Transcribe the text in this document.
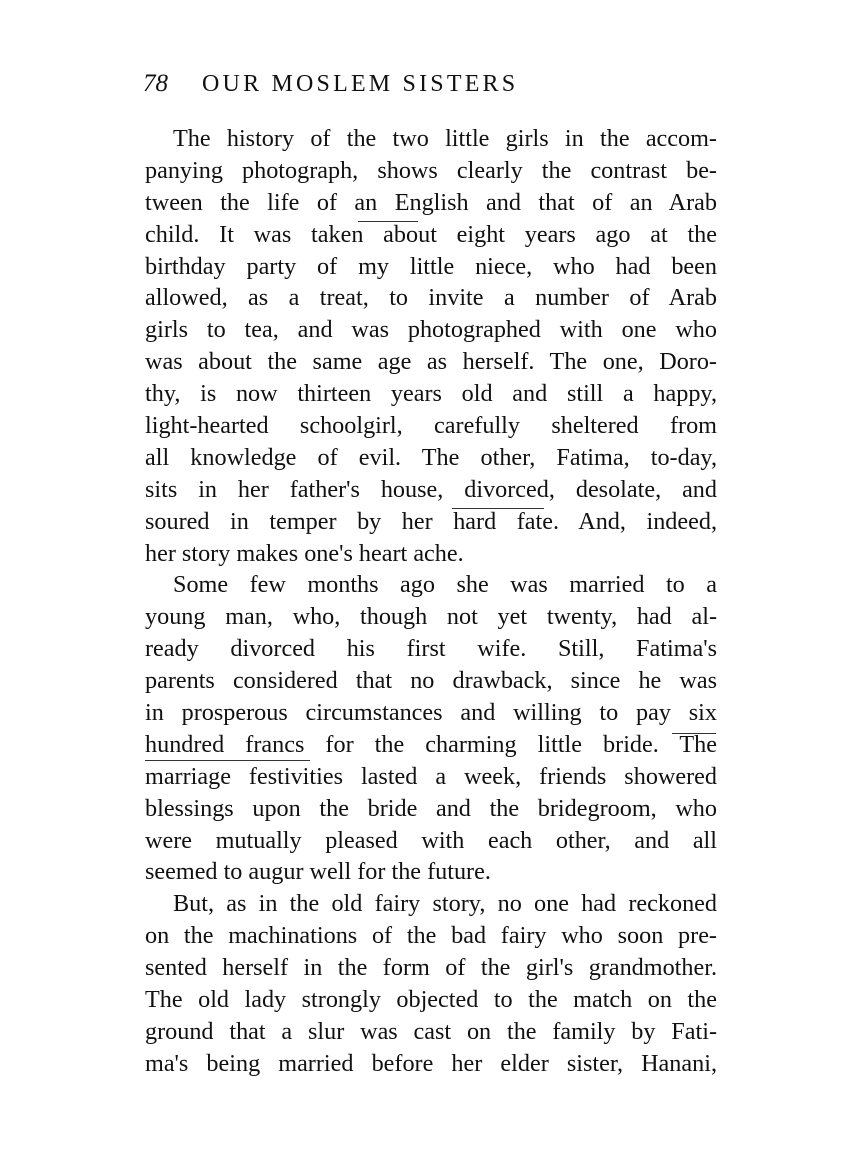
78 OUR MOSLEM SISTERS
The history of the two little girls in the accom-
panying photograph, shows clearly the contrast be-
tween the life of an English and that of an Arab
child. It was taken about eight years ago at the
birthday party of my little niece, who had been
allowed, as a treat, to invite a number of Arab
girls to tea, and was photographed with one who
was about the same age as herself. The one, Doro-
thy, is now thirteen years old and still a happy,
light-hearted schoolgirl, carefully sheltered from
all knowledge of evil. The other, Fatima, to-day,
sits in her father's house, divorced, desolate, and
soured in temper by her hard fate. And, indeed,
her story makes one's heart ache.
Some few months ago she was married to a
young man, who, though not yet twenty, had al-
ready divorced his first wife. Still, Fatima's
parents considered that no drawback, since he was
in prosperous circumstances and willing to pay six
hundred francs for the charming little bride. The
marriage festivities lasted a week, friends showered
blessings upon the bride and the bridegroom, who
were mutually pleased with each other, and all
seemed to augur well for the future.
But, as in the old fairy story, no one had reckoned
on the machinations of the bad fairy who soon pre-
sented herself in the form of the girl's grandmother.
The old lady strongly objected to the match on the
ground that a slur was cast on the family by Fati-
ma's being married before her elder sister, Hanani,
